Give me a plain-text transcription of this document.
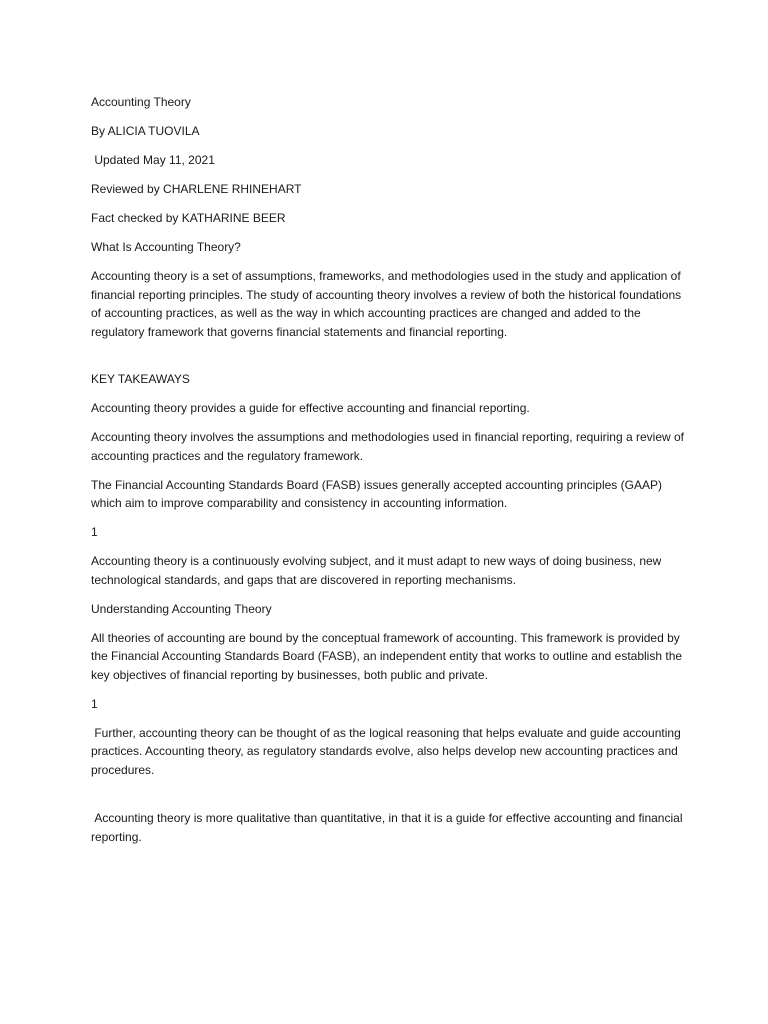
Accounting Theory

By ALICIA TUOVILA

Updated May 11, 2021

Reviewed by CHARLENE RHINEHART

Fact checked by KATHARINE BEER

What Is Accounting Theory?

Accounting theory is a set of assumptions, frameworks, and methodologies used in the study and application of financial reporting principles. The study of accounting theory involves a review of both the historical foundations of accounting practices, as well as the way in which accounting practices are changed and added to the regulatory framework that governs financial statements and financial reporting.

KEY TAKEAWAYS

Accounting theory provides a guide for effective accounting and financial reporting.

Accounting theory involves the assumptions and methodologies used in financial reporting, requiring a review of accounting practices and the regulatory framework.

The Financial Accounting Standards Board (FASB) issues generally accepted accounting principles (GAAP) which aim to improve comparability and consistency in accounting information.

1

Accounting theory is a continuously evolving subject, and it must adapt to new ways of doing business, new technological standards, and gaps that are discovered in reporting mechanisms.

Understanding Accounting Theory

All theories of accounting are bound by the conceptual framework of accounting. This framework is provided by the Financial Accounting Standards Board (FASB), an independent entity that works to outline and establish the key objectives of financial reporting by businesses, both public and private.

1

Further, accounting theory can be thought of as the logical reasoning that helps evaluate and guide accounting practices. Accounting theory, as regulatory standards evolve, also helps develop new accounting practices and procedures.

Accounting theory is more qualitative than quantitative, in that it is a guide for effective accounting and financial reporting.
